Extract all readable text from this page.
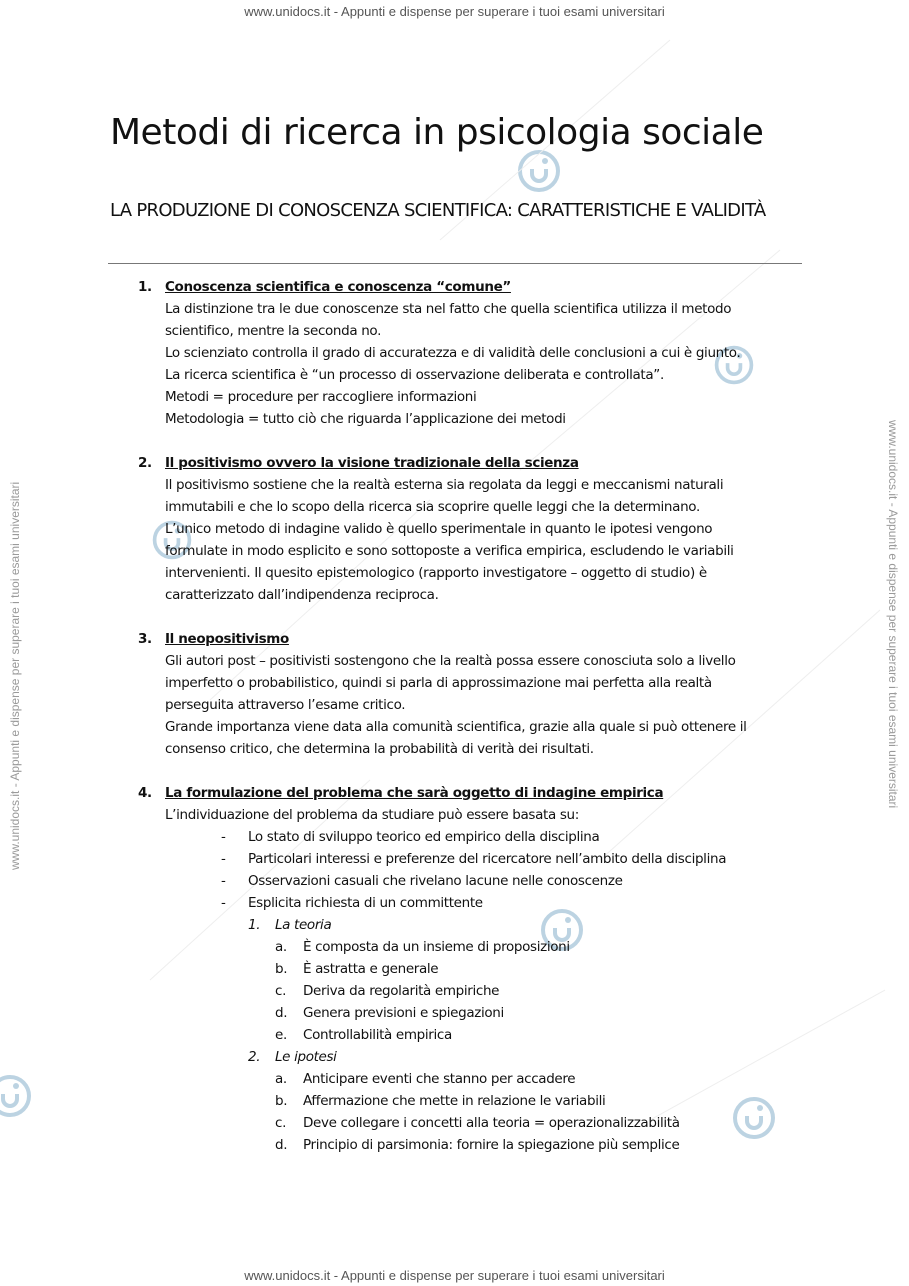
www.unidocs.it - Appunti e dispense per superare i tuoi esami universitari
www.unidocs.it - Appunti e dispense per superare i tuoi esami universitari
www.unidocs.it - Appunti e dispense per superare i tuoi esami universitari	www.unidocs.it - Appunti e dispense per superare i tuoi esami universitari
Metodi di ricerca in psicologia sociale
LA PRODUZIONE DI CONOSCENZA SCIENTIFICA: CARATTERISTICHE E VALIDITÀ
1. Conoscenza scientifica e conoscenza “comune”
La distinzione tra le due conoscenze sta nel fatto che quella scientifica utilizza il metodo
scientifico, mentre la seconda no.
Lo scienziato controlla il grado di accuratezza e di validità delle conclusioni a cui è giunto.
La ricerca scientifica è “un processo di osservazione deliberata e controllata”.
Metodi = procedure per raccogliere informazioni
Metodologia = tutto ciò che riguarda l’applicazione dei metodi
2. Il positivismo ovvero la visione tradizionale della scienza
Il positivismo sostiene che la realtà esterna sia regolata da leggi e meccanismi naturali
immutabili e che lo scopo della ricerca sia scoprire quelle leggi che la determinano.
L’unico metodo di indagine valido è quello sperimentale in quanto le ipotesi vengono
formulate in modo esplicito e sono sottoposte a verifica empirica, escludendo le variabili
intervenienti. Il quesito epistemologico (rapporto investigatore – oggetto di studio) è
caratterizzato dall’indipendenza reciproca.
3. Il neopositivismo
Gli autori post – positivisti sostengono che la realtà possa essere conosciuta solo a livello
imperfetto o probabilistico, quindi si parla di approssimazione mai perfetta alla realtà
perseguita attraverso l’esame critico.
Grande importanza viene data alla comunità scientifica, grazie alla quale si può ottenere il
consenso critico, che determina la probabilità di verità dei risultati.
4. La formulazione del problema che sarà oggetto di indagine empirica
L’individuazione del problema da studiare può essere basata su:
- Lo stato di sviluppo teorico ed empirico della disciplina
- Particolari interessi e preferenze del ricercatore nell’ambito della disciplina
- Osservazioni casuali che rivelano lacune nelle conoscenze
- Esplicita richiesta di un committente
1. La teoria
a. È composta da un insieme di proposizioni
b. È astratta e generale
c. Deriva da regolarità empiriche
d. Genera previsioni e spiegazioni
e. Controllabilità empirica
2. Le ipotesi
a. Anticipare eventi che stanno per accadere
b. Affermazione che mette in relazione le variabili
c. Deve collegare i concetti alla teoria = operazionalizzabilità
d. Principio di parsimonia: fornire la spiegazione più semplice
